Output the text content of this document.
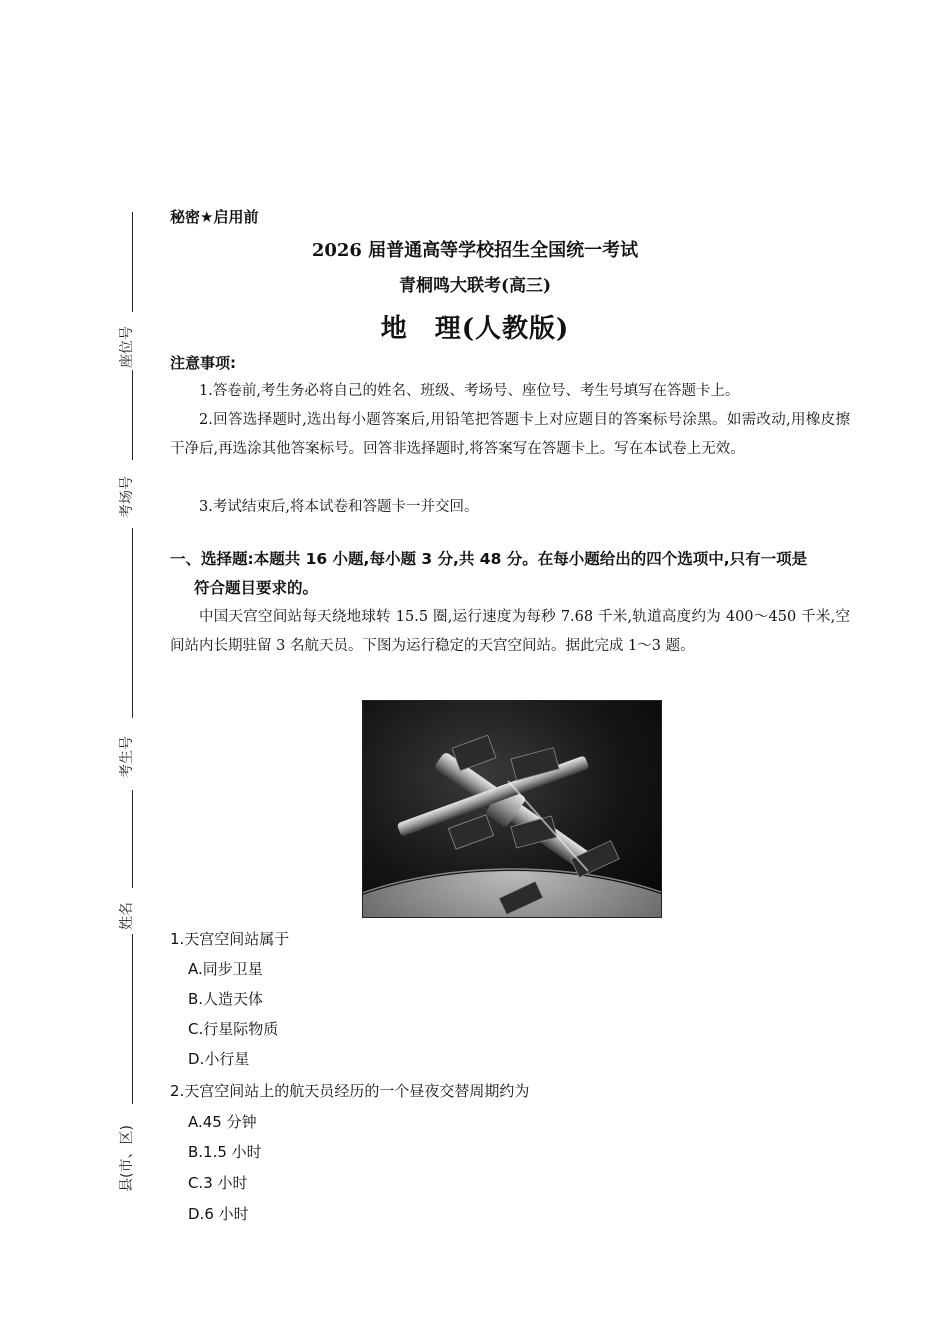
座位号
考场号
考生号
姓名
县(市、区)
秘密★启用前
2026 届普通高等学校招生全国统一考试
青桐鸣大联考(高三)
地　理(人教版)
注意事项:
1.答卷前,考生务必将自己的姓名、班级、考场号、座位号、考生号填写在答题卡上。
2.回答选择题时,选出每小题答案后,用铅笔把答题卡上对应题目的答案标号涂黑。如需改动,用橡皮擦干净后,再选涂其他答案标号。回答非选择题时,将答案写在答题卡上。写在本试卷上无效。
3.考试结束后,将本试卷和答题卡一并交回。
一、选择题:本题共 16 小题,每小题 3 分,共 48 分。在每小题给出的四个选项中,只有一项是
符合题目要求的。
中国天宫空间站每天绕地球转 15.5 圈,运行速度为每秒 7.68 千米,轨道高度约为 400～450 千米,空间站内长期驻留 3 名航天员。下图为运行稳定的天宫空间站。据此完成 1～3 题。
1.天宫空间站属于
A.同步卫星
B.人造天体
C.行星际物质
D.小行星
2.天宫空间站上的航天员经历的一个昼夜交替周期约为
A.45 分钟
B.1.5 小时
C.3 小时
D.6 小时
